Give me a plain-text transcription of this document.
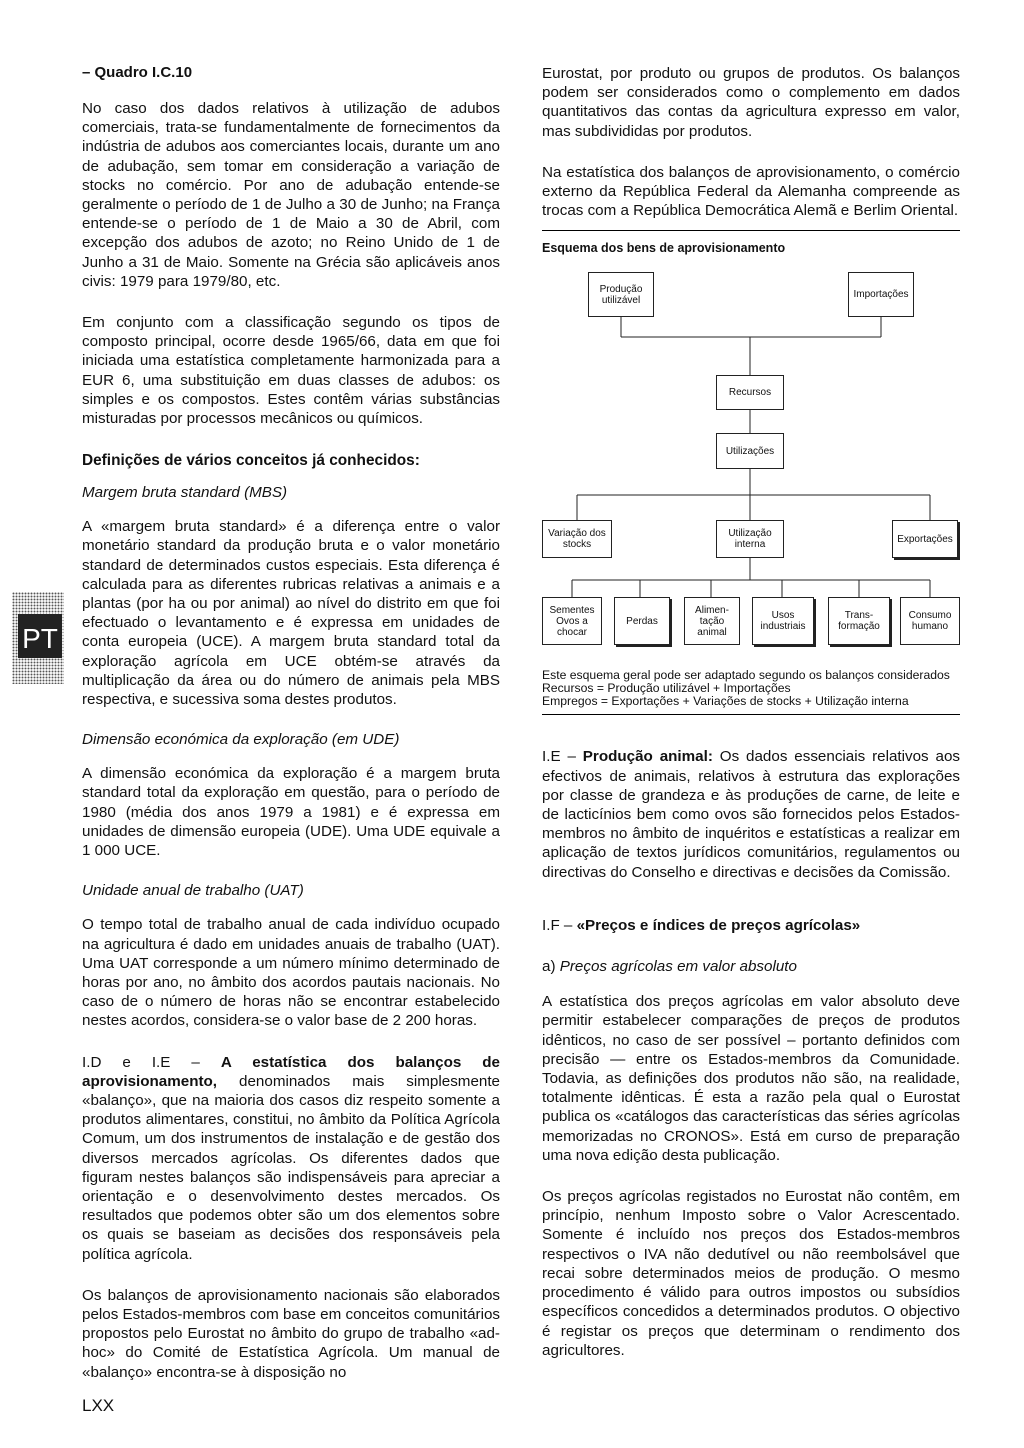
PT
– Quadro I.C.10

No caso dos dados relativos à utilização de adubos comerciais, trata-se fundamentalmente de fornecimentos da indústria de adubos aos comerciantes locais, durante um ano de adubação, sem tomar em consideração a variação de stocks no comércio. Por ano de adubação entende-se geralmente o período de 1 de Julho a 30 de Junho; na França entende-se o período de 1 de Maio a 30 de Abril, com excepção dos adubos de azoto; no Reino Unido de 1 de Junho a 31 de Maio. Somente na Grécia são aplicáveis anos civis: 1979 para 1979/80, etc.

Em conjunto com a classificação segundo os tipos de composto principal, ocorre desde 1965/66, data em que foi iniciada uma estatística completamente harmonizada para a EUR 6, uma substituição em duas classes de adubos: os simples e os compostos. Estes contêm várias substâncias misturadas por processos mecânicos ou químicos.

Definições de vários conceitos já conhecidos:
Margem bruta standard (MBS)

A «margem bruta standard» é a diferença entre o valor monetário standard da produção bruta e o valor monetário standard de determinados custos especiais. Esta diferença é calculada para as diferentes rubricas relativas a animais e a plantas (por ha ou por animal) ao nível do distrito em que foi efectuado o levantamento e é expressa em unidades de conta europeia (UCE). A margem bruta standard total da exploração agrícola em UCE obtém-se através da multiplicação da área ou do número de animais pela MBS respectiva, e sucessiva soma destes produtos.

Dimensão económica da exploração (em UDE)

A dimensão económica da exploração é a margem bruta standard total da exploração em questão, para o período de 1980 (média dos anos 1979 a 1981) e é expressa em unidades de dimensão europeia (UDE). Uma UDE equivale a 1 000 UCE.

Unidade anual de trabalho (UAT)

O tempo total de trabalho anual de cada indivíduo ocupado na agricultura é dado em unidades anuais de trabalho (UAT). Uma UAT corresponde a um número mínimo determinado de horas por ano, no âmbito dos acordos pautais nacionais. No caso de o número de horas não se encontrar estabelecido nestes acordos, considera-se o valor base de 2 200 horas.

I.D e I.E – A estatística dos balanços de aprovisionamento, denominados mais simplesmente «balanço», que na maioria dos casos diz respeito somente a produtos alimentares, constitui, no âmbito da Política Agrícola Comum, um dos instrumentos de instalação e de gestão dos diversos mercados agrícolas. Os diferentes dados que figuram nestes balanços são indispensáveis para apreciar a orientação e o desenvolvimento destes mercados. Os resultados que podemos obter são um dos elementos sobre os quais se baseiam as decisões dos responsáveis pela política agrícola.

Os balanços de aprovisionamento nacionais são elaborados pelos Estados-membros com base em conceitos comunitários propostos pelo Eurostat no âmbito do grupo de trabalho «ad-hoc» do Comité de Estatística Agrícola. Um manual de «balanço» encontra-se à disposição no

Eurostat, por produto ou grupos de produtos. Os balanços podem ser considerados como o complemento em dados quantitativos das contas da agricultura expresso em valor, mas subdivididas por produtos.

Na estatística dos balanços de aprovisionamento, o comércio externo da República Federal da Alemanha compreende as trocas com a República Democrática Alemã e Berlim Oriental.

Esquema dos bens de aprovisionamento
Produção utilizável	Importações
Recursos
Utilizações
Variação dos stocks
Utilização interna	Exportações
Sementes Ovos a chocar
Perdas
Alimen-tação animal
Usos industriais
Trans-formação
Consumo humano
Este esquema geral pode ser adaptado segundo os balanços considerados
Recursos = Produção utilizável + Importações
Empregos = Exportações + Variações de stocks + Utilização interna

I.E – Produção animal: Os dados essenciais relativos aos efectivos de animais, relativos à estrutura das explorações por classe de grandeza e às produções de carne, de leite e de lacticínios bem como ovos são fornecidos pelos Estados-membros no âmbito de inquéritos e estatísticas a realizar em aplicação de textos jurídicos comunitários, regulamentos ou directivas do Conselho e directivas e decisões da Comissão.

I.F – «Preços e índices de preços agrícolas»

a) Preços agrícolas em valor absoluto

A estatística dos preços agrícolas em valor absoluto deve permitir estabelecer comparações de preços de produtos idênticos, no caso de ser possível – portanto definidos com precisão — entre os Estados-membros da Comunidade. Todavia, as definições dos produtos não são, na realidade, totalmente idênticas. É esta a razão pela qual o Eurostat publica os «catálogos das características das séries agrícolas memorizadas no CRONOS». Está em curso de preparação uma nova edição desta publicação.

Os preços agrícolas registados no Eurostat não contêm, em princípio, nenhum Imposto sobre o Valor Acrescentado. Somente é incluído nos preços dos Estados-membros respectivos o IVA não dedutível ou não reembolsável que recai sobre determinados meios de produção. O mesmo procedimento é válido para outros impostos ou subsídios específicos concedidos a determinados produtos. O objectivo é registar os preços que determinam o rendimento dos agricultores.

LXX
